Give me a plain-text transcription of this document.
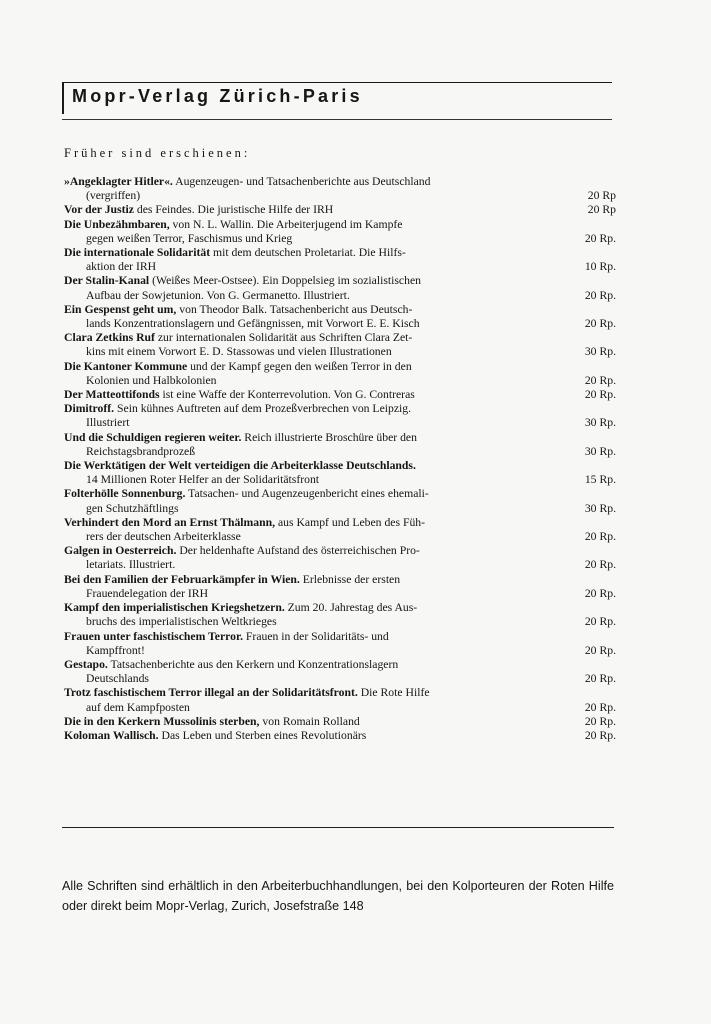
Mopr-Verlag Zürich-Paris
Früher sind erschienen:
»Angeklagter Hitler«. Augenzeugen- und Tatsachenberichte aus Deutschland
(vergriffen)	20 Rp
Vor der Justiz des Feindes. Die juristische Hilfe der IRH	20 Rp
Die Unbezähmbaren, von N. L. Wallin. Die Arbeiterjugend im Kampfe
gegen weißen Terror, Faschismus und Krieg	20 Rp.
Die internationale Solidarität mit dem deutschen Proletariat. Die Hilfs-
aktion der IRH	10 Rp.
Der Stalin-Kanal (Weißes Meer-Ostsee). Ein Doppelsieg im sozialistischen
Aufbau der Sowjetunion. Von G. Germanetto. Illustriert.	20 Rp.
Ein Gespenst geht um, von Theodor Balk. Tatsachenbericht aus Deutsch-
lands Konzentrationslagern und Gefängnissen, mit Vorwort E. E. Kisch	20 Rp.
Clara Zetkins Ruf zur internationalen Solidarität aus Schriften Clara Zet-
kins mit einem Vorwort E. D. Stassowas und vielen Illustrationen	30 Rp.
Die Kantoner Kommune und der Kampf gegen den weißen Terror in den
Kolonien und Halbkolonien	20 Rp.
Der Matteottifonds ist eine Waffe der Konterrevolution. Von G. Contreras	20 Rp.
Dimitroff. Sein kühnes Auftreten auf dem Prozeßverbrechen von Leipzig.
Illustriert	30 Rp.
Und die Schuldigen regieren weiter. Reich illustrierte Broschüre über den
Reichstagsbrandprozeß	30 Rp.
Die Werktätigen der Welt verteidigen die Arbeiterklasse Deutschlands.
14 Millionen Roter Helfer an der Solidaritätsfront	15 Rp.
Folterhölle Sonnenburg. Tatsachen- und Augenzeugenbericht eines ehemali-
gen Schutzhäftlings	30 Rp.
Verhindert den Mord an Ernst Thälmann, aus Kampf und Leben des Füh-
rers der deutschen Arbeiterklasse	20 Rp.
Galgen in Oesterreich. Der heldenhafte Aufstand des österreichischen Pro-
letariats. Illustriert.	20 Rp.
Bei den Familien der Februarkämpfer in Wien. Erlebnisse der ersten
Frauendelegation der IRH	20 Rp.
Kampf den imperialistischen Kriegshetzern. Zum 20. Jahrestag des Aus-
bruchs des imperialistischen Weltkrieges	20 Rp.
Frauen unter faschistischem Terror. Frauen in der Solidaritäts- und
Kampffront!	20 Rp.
Gestapo. Tatsachenberichte aus den Kerkern und Konzentrationslagern
Deutschlands	20 Rp.
Trotz faschistischem Terror illegal an der Solidaritätsfront. Die Rote Hilfe
auf dem Kampfposten	20 Rp.
Die in den Kerkern Mussolinis sterben, von Romain Rolland	20 Rp.
Koloman Wallisch. Das Leben und Sterben eines Revolutionärs	20 Rp.
Alle Schriften sind erhältlich in den Arbeiterbuchhandlungen, bei den Kolporteuren der Roten Hilfe oder direkt beim Mopr-Verlag, Zurich, Josefstraße 148
